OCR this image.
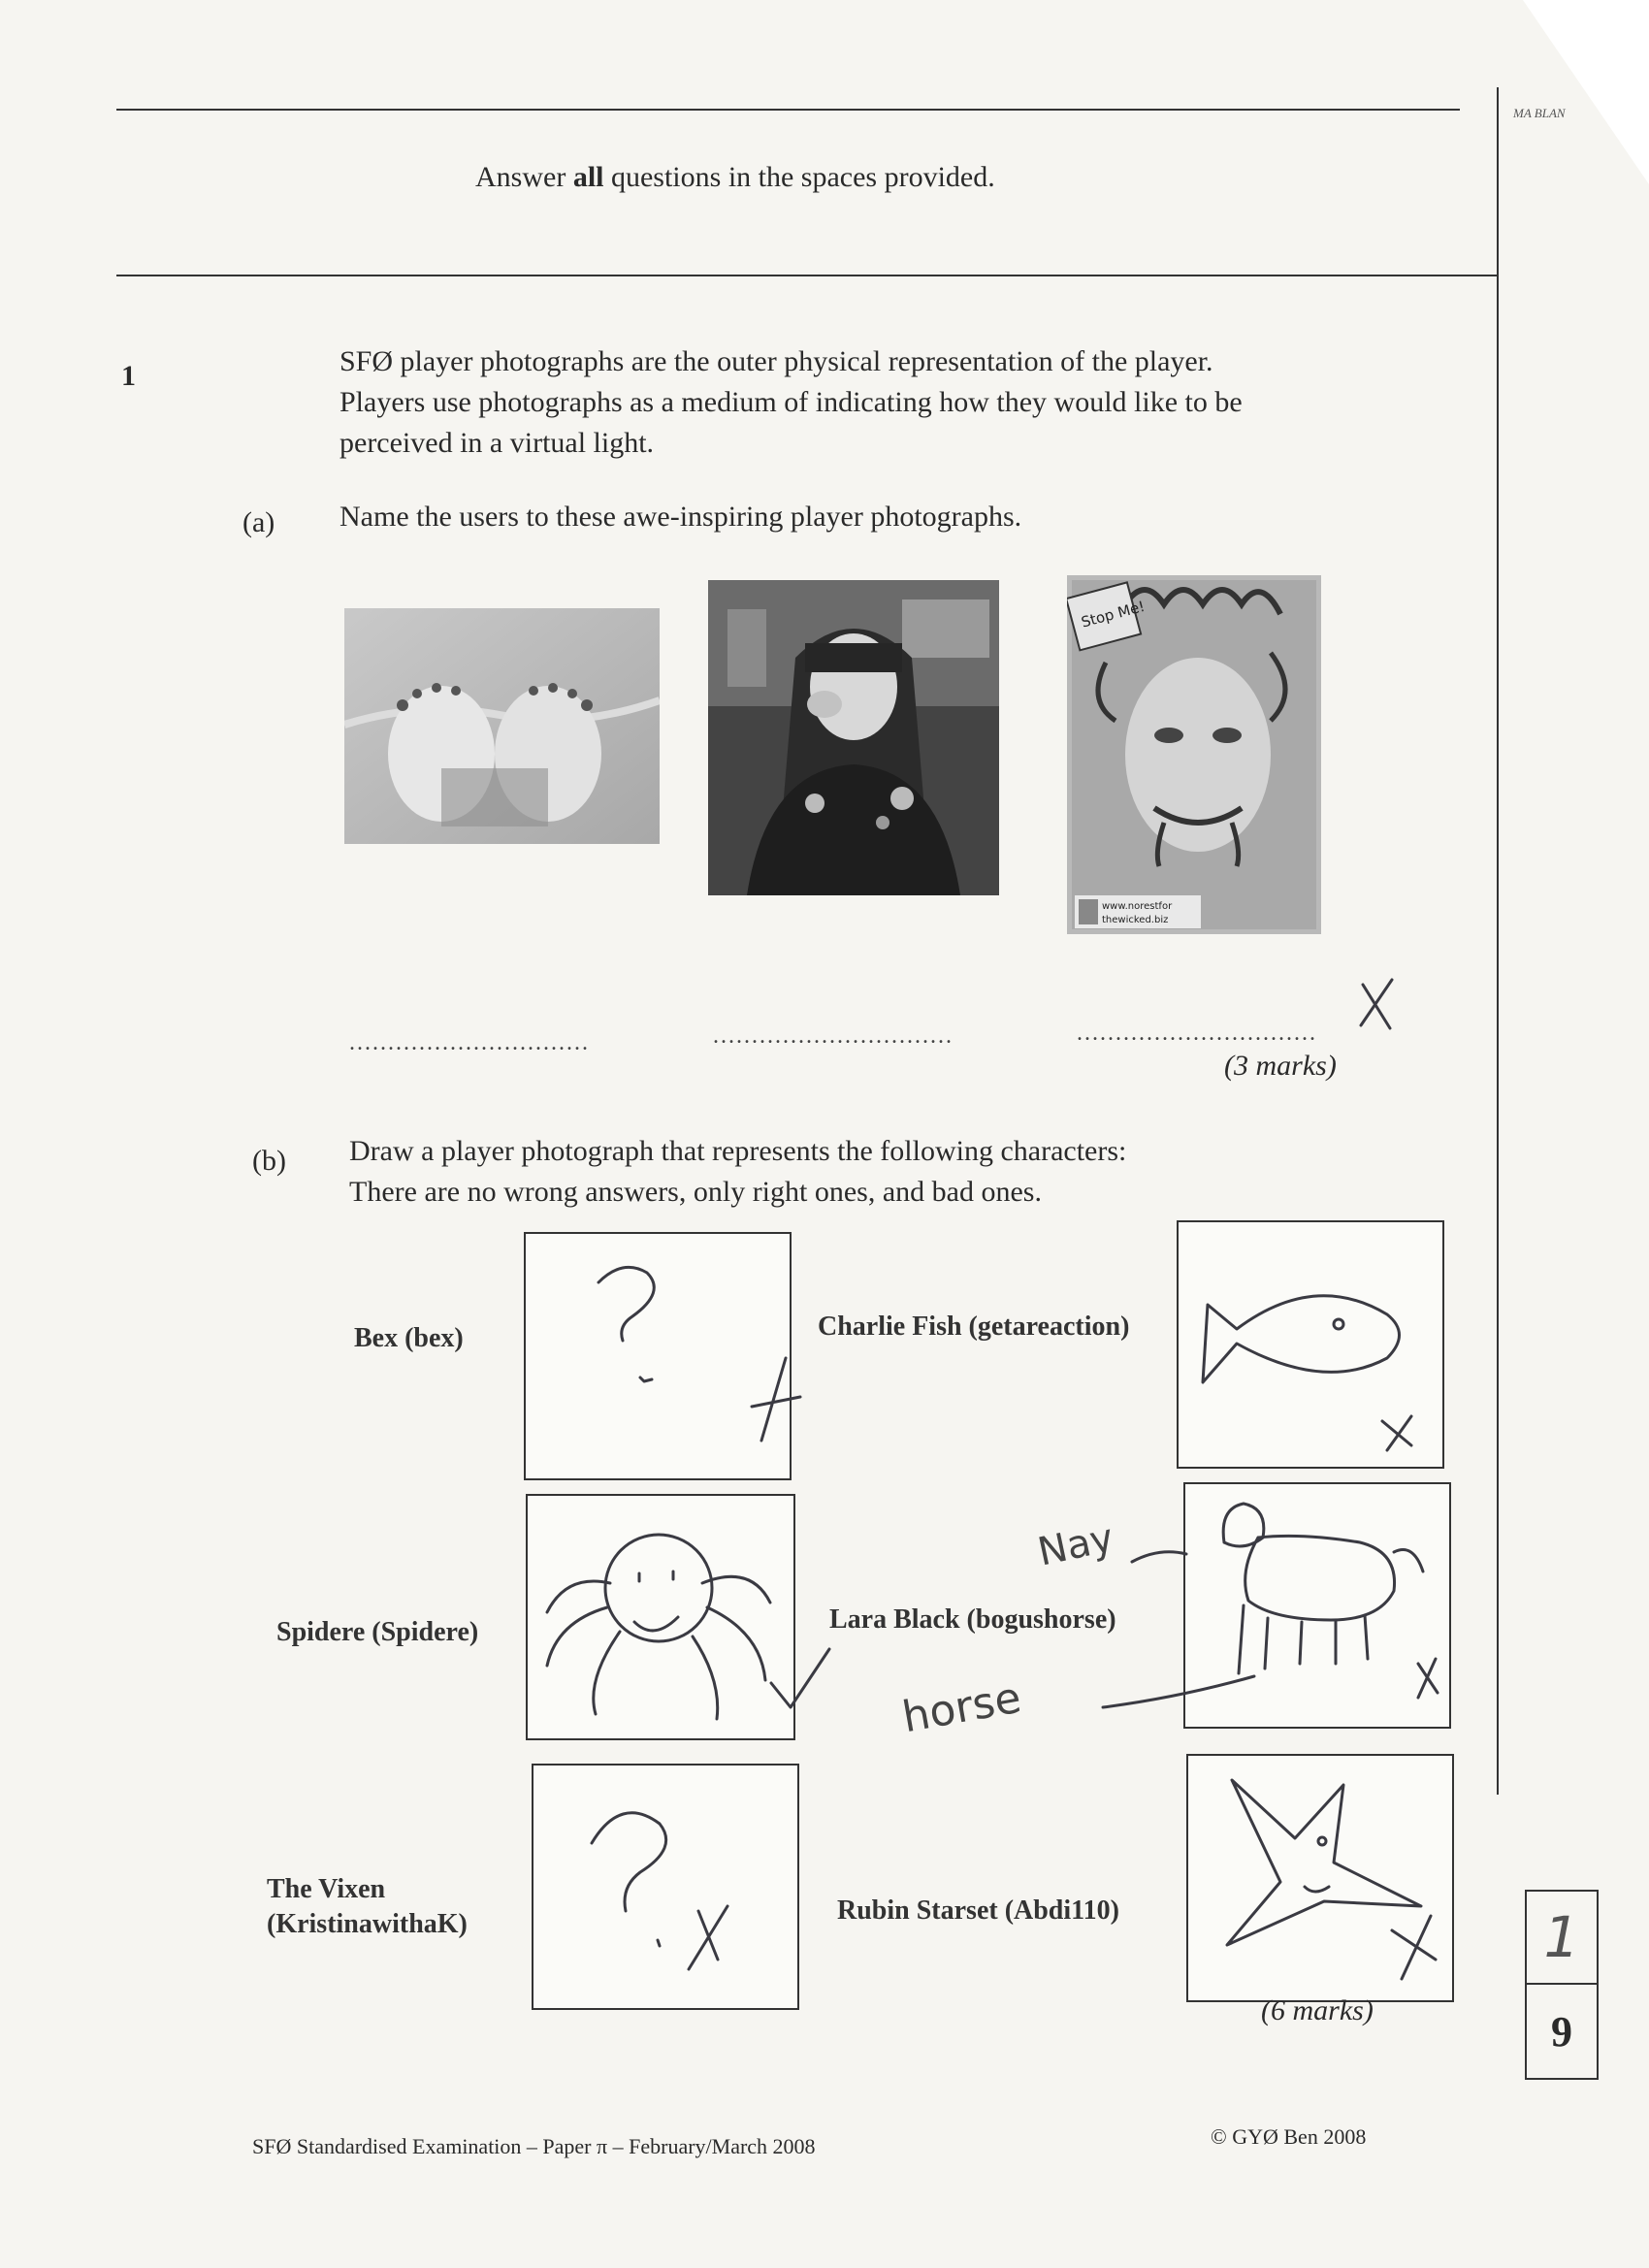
MA BLAN
Answer all questions in the spaces provided.
1	SFØ player photographs are the outer physical representation of the player.
Players use photographs as a medium of indicating how they would like to be
perceived in a virtual light.
(a) Name the users to these awe-inspiring player photographs.
Stop Me!
www.norestfor
thewicked.biz
...............................	...............................	...............................
(3 marks)
(b) Draw a player photograph that represents the following characters:
There are no wrong answers, only right ones, and bad ones.
Bex (bex)	Charlie Fish (getareaction)
Spidere (Spidere)	Lara Black (bogushorse)
The Vixen
(KristinawithaK)	Rubin Starset (Abdi110)
Nay
horse
(6 marks)
1
9
SFØ Standardised Examination – Paper π – February/March 2008	© GYØ Ben 2008
